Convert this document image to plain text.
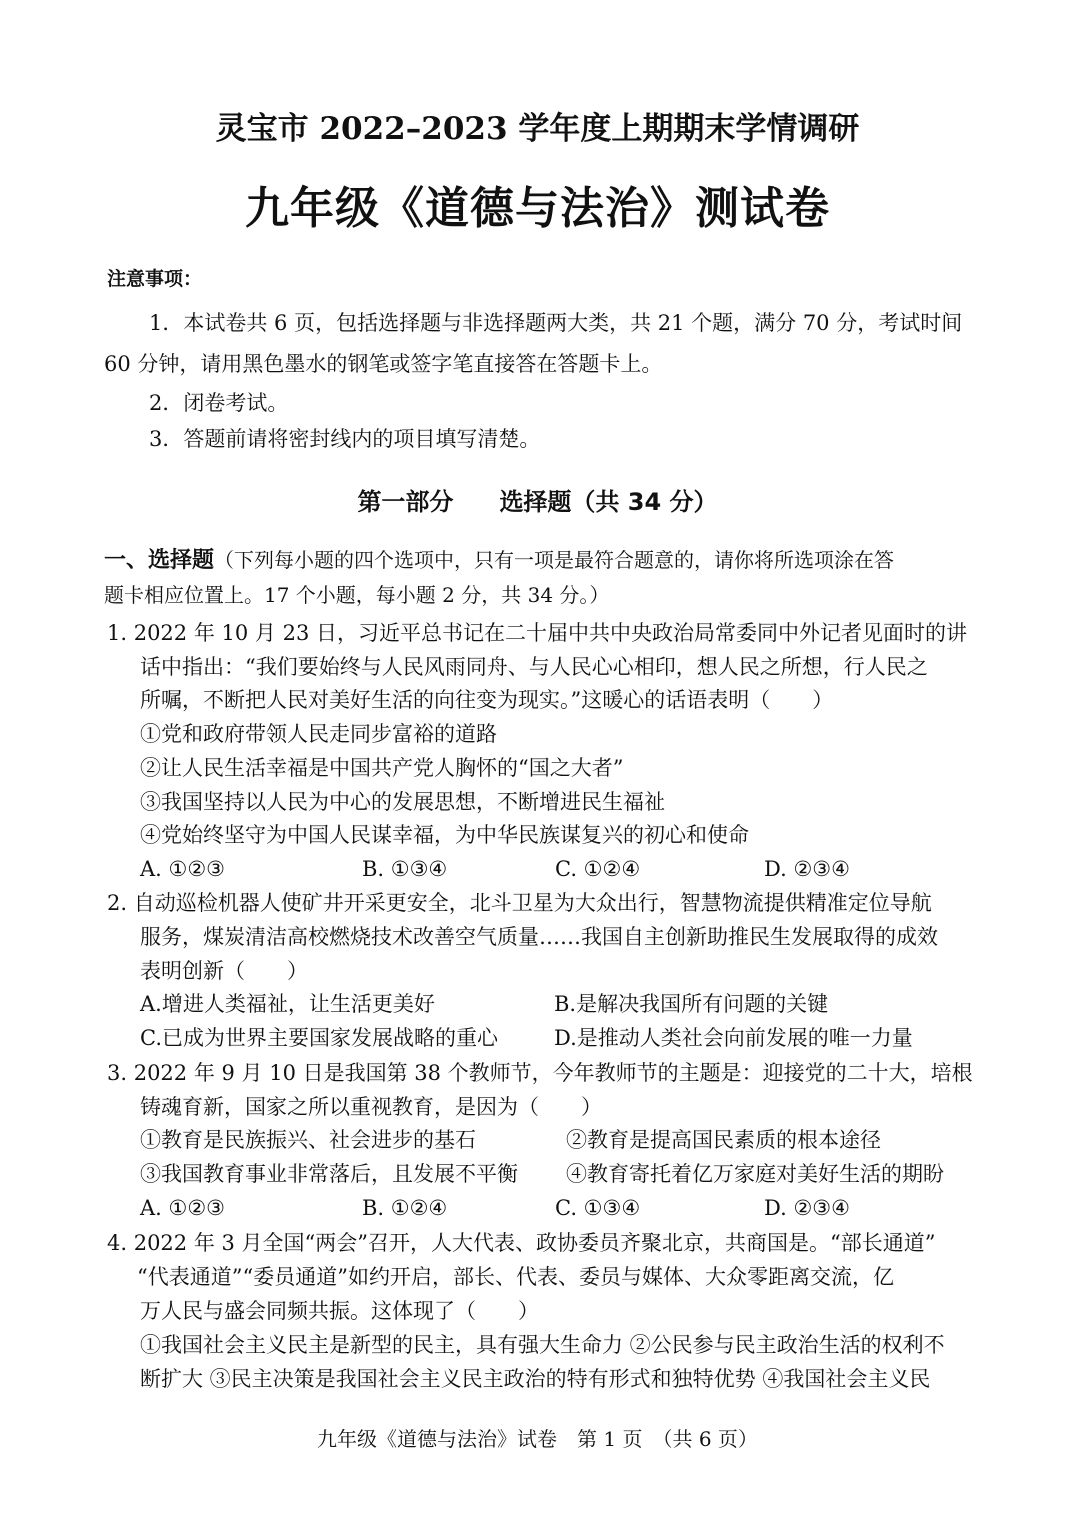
灵宝市 2022–2023 学年度上期期末学情调研
九年级《道德与法治》测试卷
注意事项：
1．本试卷共 6 页，包括选择题与非选择题两大类，共 21 个题，满分 70 分，考试时间
60 分钟，请用黑色墨水的钢笔或签字笔直接答在答题卡上。
2．闭卷考试。
3．答题前请将密封线内的项目填写清楚。
第一部分 选择题（共 34 分）
一、选择题（下列每小题的四个选项中，只有一项是最符合题意的，请你将所选项涂在答
题卡相应位置上。17 个小题，每小题 2 分，共 34 分。）
1. 2022 年 10 月 23 日，习近平总书记在二十届中共中央政治局常委同中外记者见面时的讲
话中指出：“我们要始终与人民风雨同舟、与人民心心相印，想人民之所想，行人民之
所嘱，不断把人民对美好生活的向往变为现实。”这暖心的话语表明（　　）
①党和政府带领人民走同步富裕的道路
②让人民生活幸福是中国共产党人胸怀的“国之大者”
③我国坚持以人民为中心的发展思想，不断增进民生福祉
④党始终坚守为中国人民谋幸福，为中华民族谋复兴的初心和使命
A. ①②③	B. ①③④	C. ①②④	D. ②③④
2. 自动巡检机器人使矿井开采更安全，北斗卫星为大众出行，智慧物流提供精准定位导航
服务，煤炭清洁高校燃烧技术改善空气质量……我国自主创新助推民生发展取得的成效
表明创新（　　）
A.增进人类福祉，让生活更美好	B.是解决我国所有问题的关键
C.已成为世界主要国家发展战略的重心	D.是推动人类社会向前发展的唯一力量
3. 2022 年 9 月 10 日是我国第 38 个教师节，今年教师节的主题是：迎接党的二十大，培根
铸魂育新，国家之所以重视教育，是因为（　　）
①教育是民族振兴、社会进步的基石	②教育是提高国民素质的根本途径
③我国教育事业非常落后，且发展不平衡 ④教育寄托着亿万家庭对美好生活的期盼
A. ①②③	B. ①②④	C. ①③④	D. ②③④
4. 2022 年 3 月全国“两会”召开，人大代表、政协委员齐聚北京，共商国是。“部长通道”
“代表通道”“委员通道”如约开启，部长、代表、委员与媒体、大众零距离交流，亿
万人民与盛会同频共振。这体现了（　　）
①我国社会主义民主是新型的民主，具有强大生命力 ②公民参与民主政治生活的权利不
断扩大 ③民主决策是我国社会主义民主政治的特有形式和独特优势 ④我国社会主义民
九年级《道德与法治》试卷　第 1 页　（共 6 页）
